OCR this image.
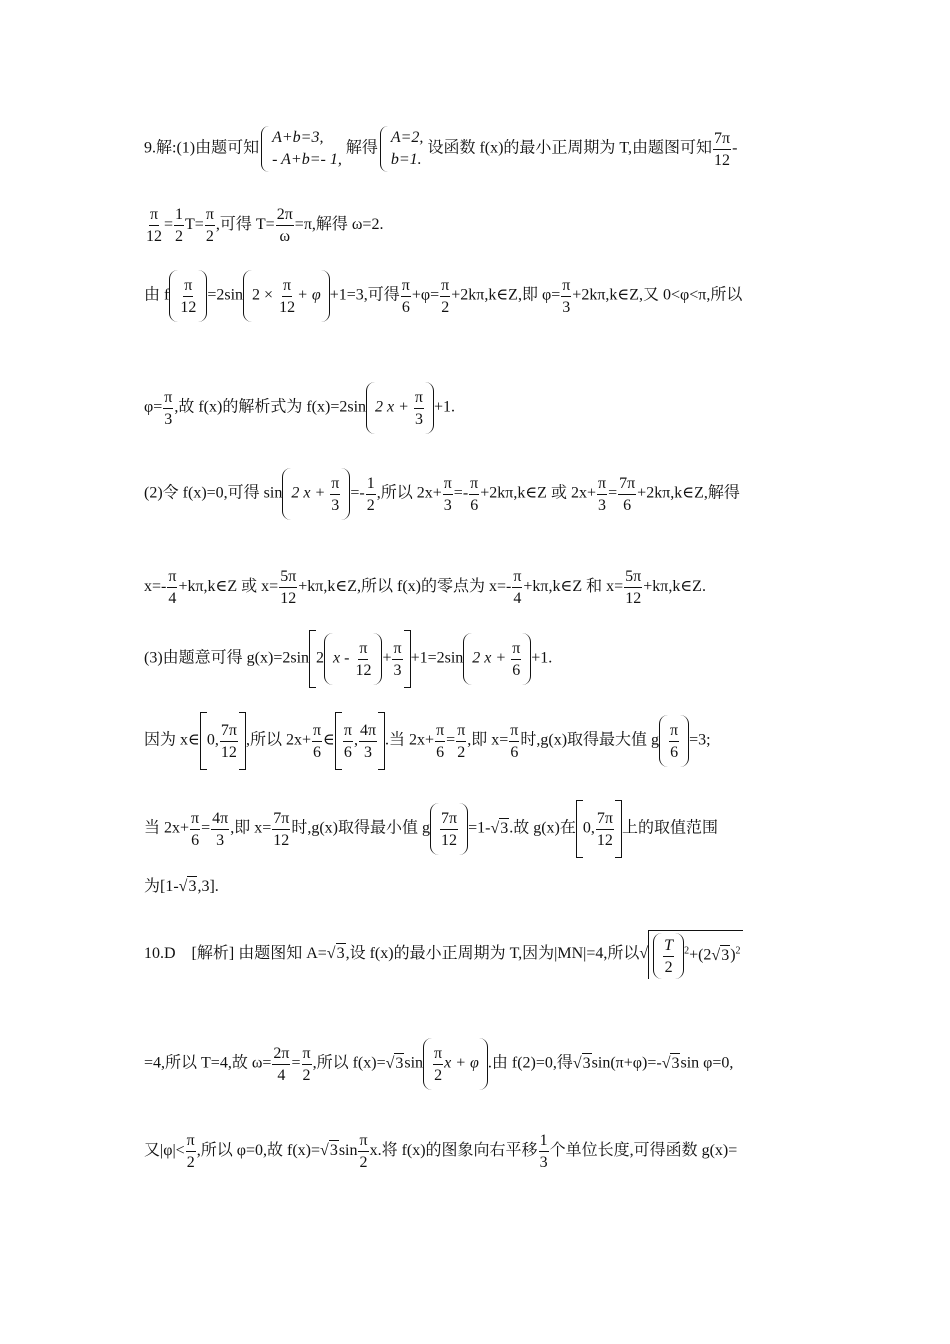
9.解:(1)由题可知
A+b=3,
- A+b=- 1,
解得
A=2,
b=1.
设函数 f(x)的最小正周期为 T,由题图可知 $\frac{7\pi}{12}$ -
$\frac{\pi}{12} = \frac{1}{2} T= \frac{\pi}{2}$ ,可得 $T= \frac{2\pi}{\omega} =\pi$,解得 ω=2.
由 f $\frac{\pi}{12} =2\sin$ $2 \times \frac{\pi}{12} + \varphi +1=3$,可得 $\frac{\pi}{6} +\varphi= \frac{\pi}{2}$ +2kπ,k∈Z,即 $\varphi= \frac{\pi}{3}$ +2kπ,k∈Z,又 0<φ<π,所以
$\varphi= \frac{\pi}{3}$ ,故 f(x)的解析式为 f(x)=2sin 2 $x + \frac{\pi}{3} +1$.
(2)令 f(x)=0,可得 sin 2 $x + \frac{\pi}{3} =- \frac{1}{2}$ ,所以 $2x+ \frac{\pi}{3} =- \frac{\pi}{6}$ +2kπ,k∈Z 或 $2x+ \frac{\pi}{3} = \frac{7\pi}{6}$ +2kπ,k∈Z,解得
$x=- \frac{\pi}{4}$ +kπ,k∈Z 或 $x= \frac{5\pi}{12}$ +kπ,k∈Z,所以 f(x)的零点为 $x=- \frac{\pi}{4}$ +kπ,k∈Z 和 $x= \frac{5\pi}{12}$ +kπ,k∈Z.
(3)由题意可得 g(x)=2sin 2 $x - \frac{\pi}{12} + \frac{\pi}{3} +1=2\sin$ 2 $x + \frac{\pi}{6} +1$.
因为 x∈ 0, $\frac{7\pi}{12}$ ,所以 $2x+ \frac{\pi}{6}$ ∈ $\frac{\pi}{6}$ , $\frac{4\pi}{3}$ .当 $2x+ \frac{\pi}{6} = \frac{\pi}{2}$ ,即 $x= \frac{\pi}{6}$ 时,g(x)取得最大值 g $\frac{\pi}{6} =3$;
当 $2x+ \frac{\pi}{6} = \frac{4\pi}{3}$ ,即 $x= \frac{7\pi}{12}$ 时,g(x)取得最小值 g $\frac{7\pi}{12} =1-√3$.故 g(x)在 0, $\frac{7\pi}{12}$ 上的取值范围
为[1-√3,3].
10.D　[解析] 由题图知 A=√3,设 f(x)的最小正周期为 T,因为|MN|=4,所以√ $\frac{T}{2} ^2+(2√3)^2$
=4,所以 T=4,故 $\omega= \frac{2\pi}{4} = \frac{\pi}{2}$ ,所以 $f(x)=√3\sin \frac{\pi}{2}$ x + φ .由 f(2)=0,得√3sin(π+φ)=-√3sin φ=0,
又$|\varphi|< \frac{\pi}{2}$ ,所以 φ=0,故 $f(x)=√3\sin \frac{\pi}{2} x$.将 f(x)的图象向右平移 $\frac{1}{3}$ 个单位长度,可得函数 g(x)=
